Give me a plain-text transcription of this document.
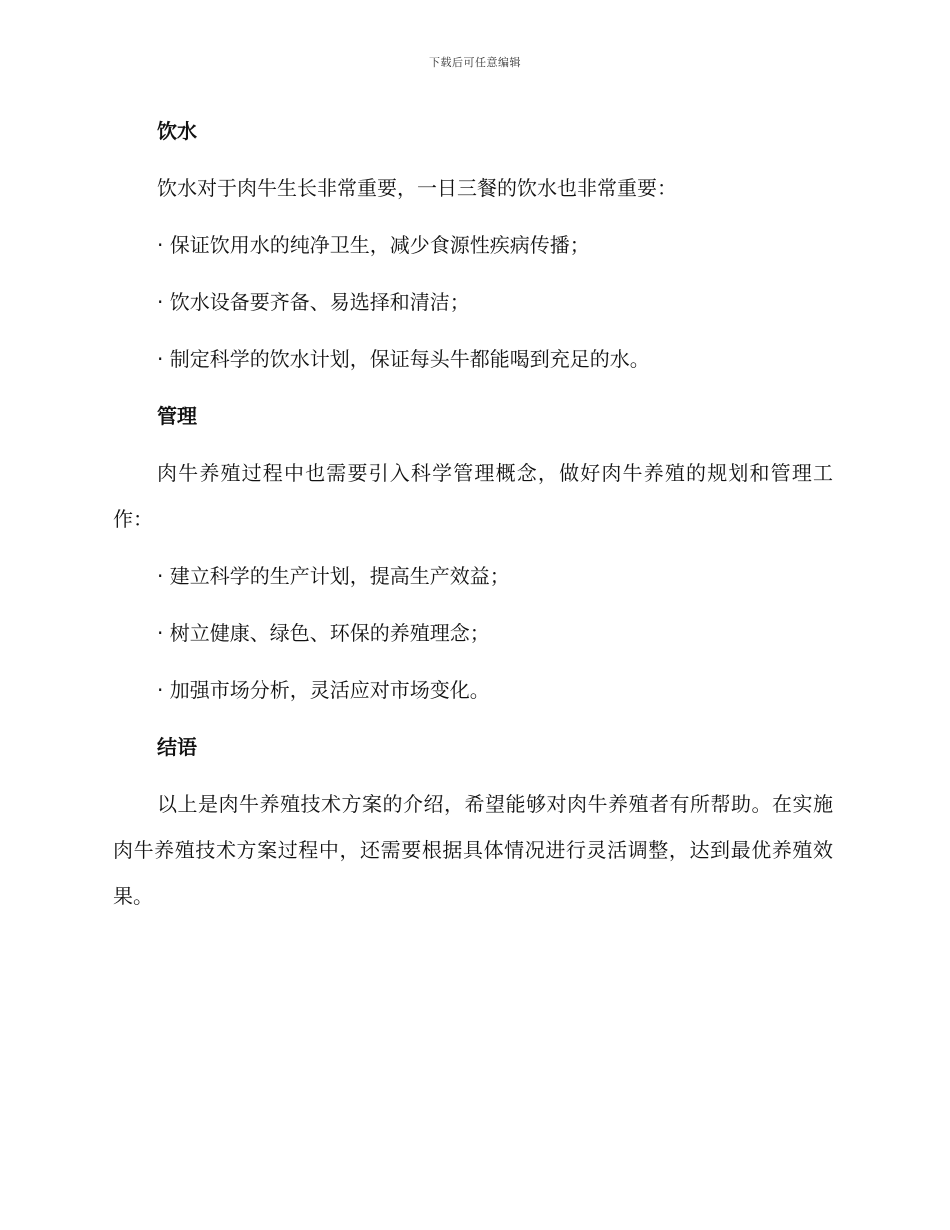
下载后可任意编辑
饮水

饮水对于肉牛生长非常重要，一日三餐的饮水也非常重要：

· 保证饮用水的纯净卫生，减少食源性疾病传播；

· 饮水设备要齐备、易选择和清洁；

· 制定科学的饮水计划，保证每头牛都能喝到充足的水。

管理

肉牛养殖过程中也需要引入科学管理概念，做好肉牛养殖的规划和管理工作：

· 建立科学的生产计划，提高生产效益；

· 树立健康、绿色、环保的养殖理念；

· 加强市场分析，灵活应对市场变化。

结语

以上是肉牛养殖技术方案的介绍，希望能够对肉牛养殖者有所帮助。在实施肉牛养殖技术方案过程中，还需要根据具体情况进行灵活调整，达到最优养殖效果。
